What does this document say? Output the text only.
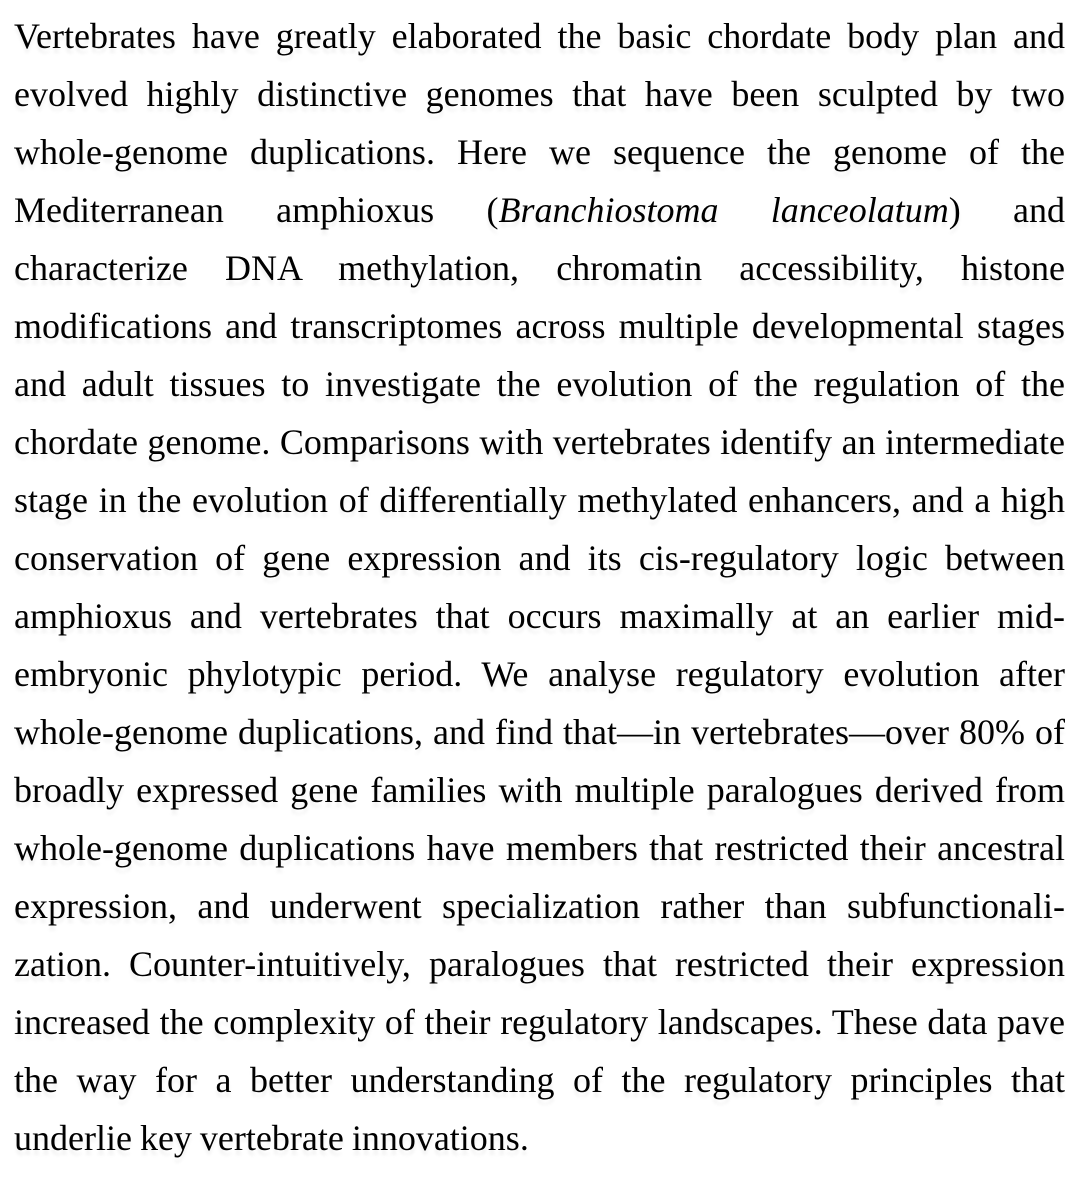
Vertebrates have greatly elaborated the basic chordate body plan and

evolved highly distinctive genomes that have been sculpted by two

whole-genome duplications. Here we sequence the genome of the

Mediterranean amphioxus (Branchiostoma lanceolatum) and

characterize DNA methylation, chromatin accessibility, histone

modifications and transcriptomes across multiple developmental stages

and adult tissues to investigate the evolution of the regulation of the

chordate genome. Comparisons with vertebrates identify an intermediate

stage in the evolution of differentially methylated enhancers, and a high

conservation of gene expression and its cis-regulatory logic between

amphioxus and vertebrates that occurs maximally at an earlier mid-

embryonic phylotypic period. We analyse regulatory evolution after

whole-genome duplications, and find that—in vertebrates—over 80% of

broadly expressed gene families with multiple paralogues derived from

whole-genome duplications have members that restricted their ancestral

expression, and underwent specialization rather than subfunctionali-

zation. Counter-intuitively, paralogues that restricted their expression

increased the complexity of their regulatory landscapes. These data pave

the way for a better understanding of the regulatory principles that

underlie key vertebrate innovations.
